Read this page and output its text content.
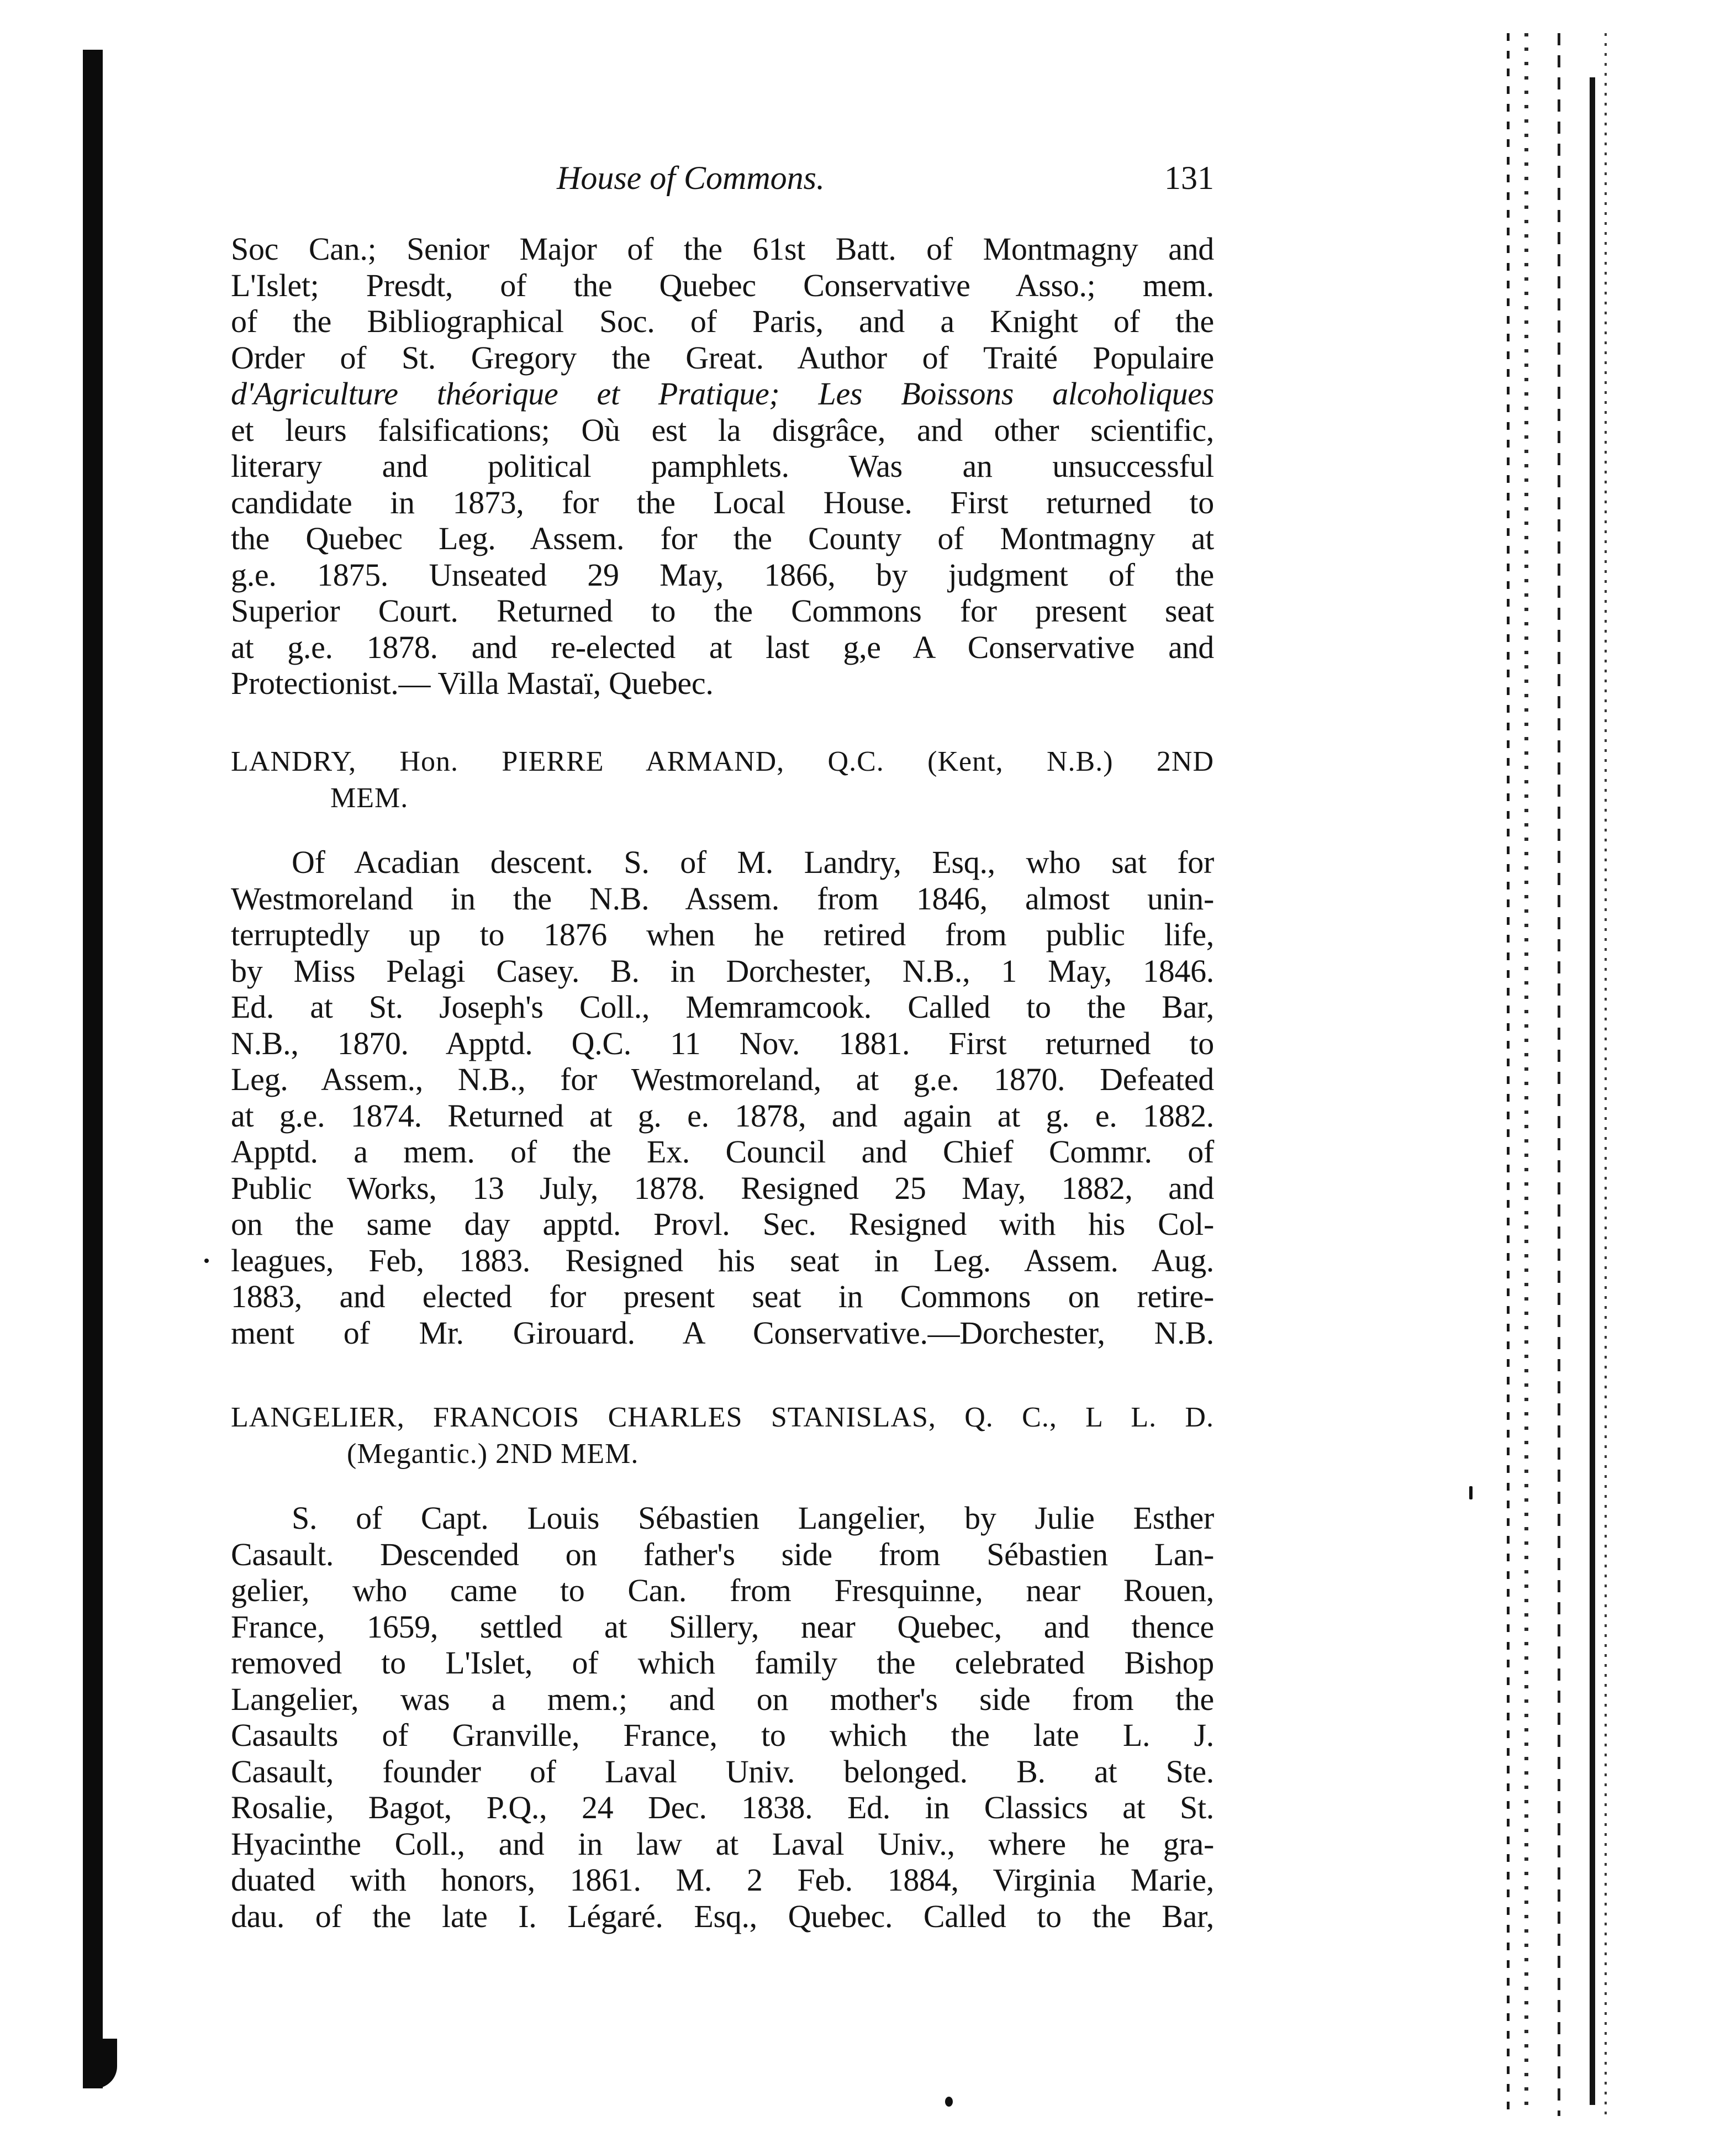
House of Commons.	131
Soc Can.; Senior Major of the 61st Batt. of Montmagny and
L'Islet; Presdt, of the Quebec Conservative Asso.; mem.
of the Bibliographical Soc. of Paris, and a Knight of the
Order of St. Gregory the Great. Author of Traité Populaire
d'Agriculture théorique et Pratique; Les Boissons alcoholiques
et leurs falsifications; Où est la disgrâce, and other scientific,
literary and political pamphlets. Was an unsuccessful
candidate in 1873, for the Local House. First returned to
the Quebec Leg. Assem. for the County of Montmagny at
g.e. 1875. Unseated 29 May, 1866, by judgment of the
Superior Court. Returned to the Commons for present seat
at g.e. 1878. and re-elected at last g,e A Conservative and
Protectionist.— Villa Mastaï, Quebec.
LANDRY, Hon. PIERRE ARMAND, Q.C. (Kent, N.B.) 2ND
MEM.
Of Acadian descent. S. of M. Landry, Esq., who sat for
Westmoreland in the N.B. Assem. from 1846, almost unin-
terruptedly up to 1876 when he retired from public life,
by Miss Pelagi Casey. B. in Dorchester, N.B., 1 May, 1846.
Ed. at St. Joseph's Coll., Memramcook. Called to the Bar,
N.B., 1870. Apptd. Q.C. 11 Nov. 1881. First returned to
Leg. Assem., N.B., for Westmoreland, at g.e. 1870. Defeated
at g.e. 1874. Returned at g. e. 1878, and again at g. e. 1882.
Apptd. a mem. of the Ex. Council and Chief Commr. of
Public Works, 13 July, 1878. Resigned 25 May, 1882, and
on the same day apptd. Provl. Sec. Resigned with his Col-
leagues, Feb, 1883. Resigned his seat in Leg. Assem. Aug.
1883, and elected for present seat in Commons on retire-
ment of Mr. Girouard. A Conservative.—Dorchester, N.B.
LANGELIER, FRANCOIS CHARLES STANISLAS, Q. C., L L. D.
(Megantic.) 2ND MEM.
S. of Capt. Louis Sébastien Langelier, by Julie Esther
Casault. Descended on father's side from Sébastien Lan-
gelier, who came to Can. from Fresquinne, near Rouen,
France, 1659, settled at Sillery, near Quebec, and thence
removed to L'Islet, of which family the celebrated Bishop
Langelier, was a mem.; and on mother's side from the
Casaults of Granville, France, to which the late L. J.
Casault, founder of Laval Univ. belonged. B. at Ste.
Rosalie, Bagot, P.Q., 24 Dec. 1838. Ed. in Classics at St.
Hyacinthe Coll., and in law at Laval Univ., where he gra-
duated with honors, 1861. M. 2 Feb. 1884, Virginia Marie,
dau. of the late I. Légaré. Esq., Quebec. Called to the Bar,
